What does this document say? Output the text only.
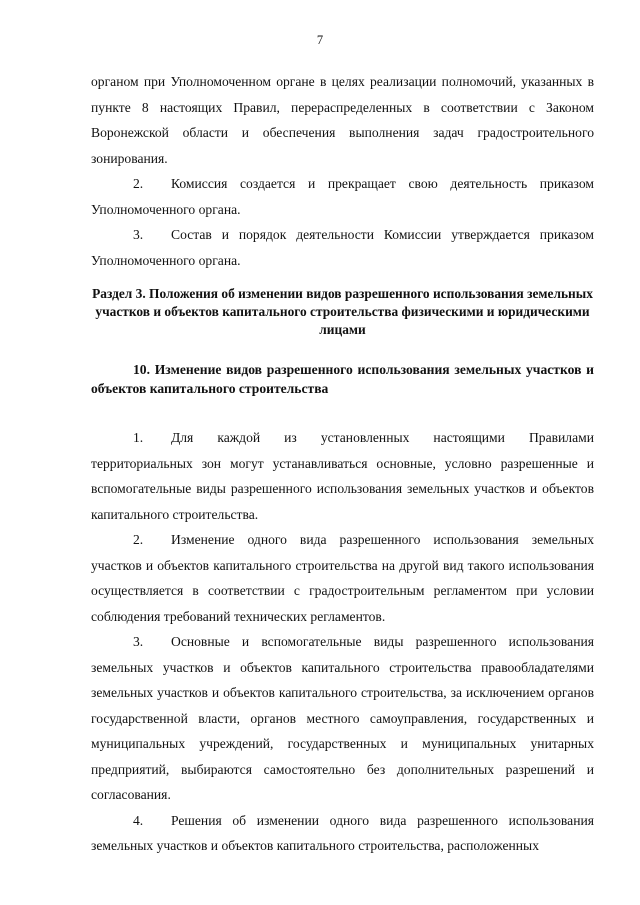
7

органом при Уполномоченном органе в целях реализации полномочий, указанных в пункте 8 настоящих Правил, перераспределенных в соответствии с Законом Воронежской области и обеспечения выполнения задач градостроительного зонирования.

2. Комиссия создается и прекращает свою деятельность приказом Уполномоченного органа.

3. Состав и порядок деятельности Комиссии утверждается приказом Уполномоченного органа.

Раздел 3. Положения об изменении видов разрешенного использования земельных участков и объектов капитального строительства физическими и юридическими лицами

10. Изменение видов разрешенного использования земельных участков и объектов капитального строительства

1. Для каждой из установленных настоящими Правилами территориальных зон могут устанавливаться основные, условно разрешенные и вспомогательные виды разрешенного использования земельных участков и объектов капитального строительства.

2. Изменение одного вида разрешенного использования земельных участков и объектов капитального строительства на другой вид такого использования осуществляется в соответствии с градостроительным регламентом при условии соблюдения требований технических регламентов.

3. Основные и вспомогательные виды разрешенного использования земельных участков и объектов капитального строительства правообладателями земельных участков и объектов капитального строительства, за исключением органов государственной власти, органов местного самоуправления, государственных и муниципальных учреждений, государственных и муниципальных унитарных предприятий, выбираются самостоятельно без дополнительных разрешений и согласования.

4. Решения об изменении одного вида разрешенного использования земельных участков и объектов капитального строительства, расположенных
